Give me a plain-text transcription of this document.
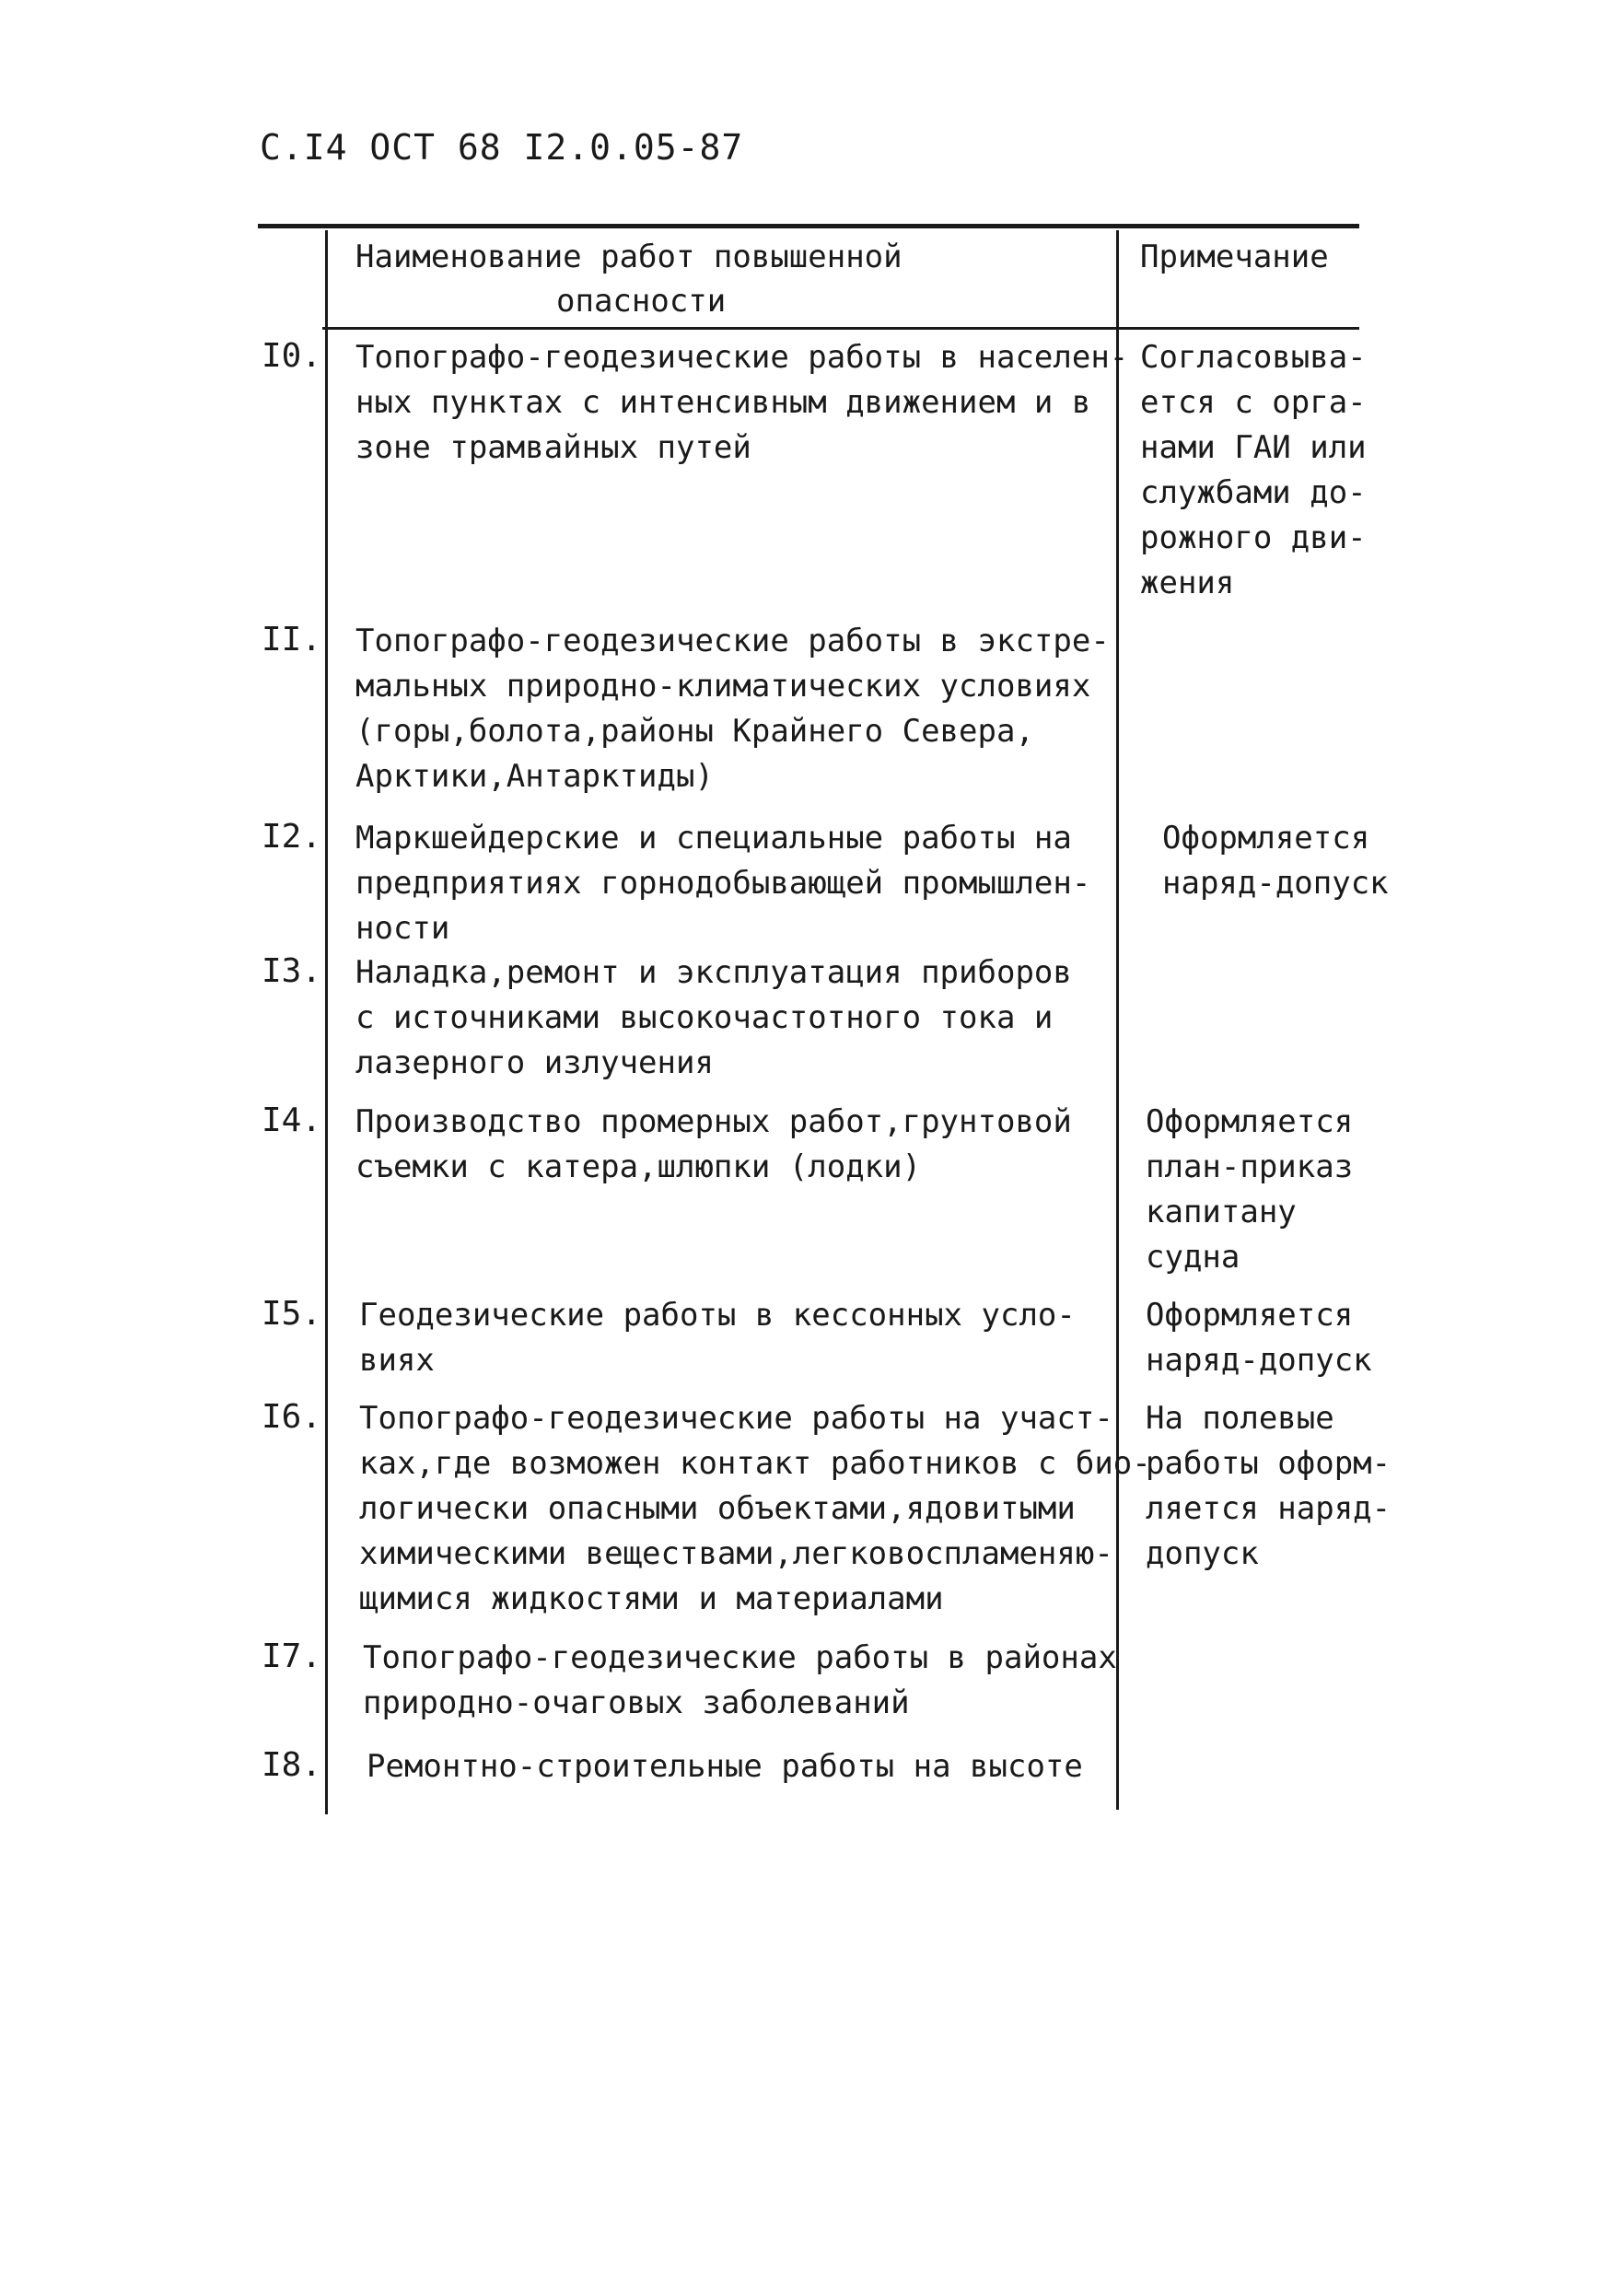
С.I4 ОСТ 68 I2.0.05-87
Наименование работ повышенной
опасности
Примечание
I0. Топографо-геодезические работы в населен-
ных пунктах с интенсивным движением и в
зоне трамвайных путей
Согласовыва-
ется с орга-
нами ГАИ или
службами до-
рожного дви-
жения
II. Топографо-геодезические работы в экстре-
мальных природно-климатических условиях
(горы,болота,районы Крайнего Севера,
Арктики,Антарктиды)
I2. Маркшейдерские и специальные работы на
предприятиях горнодобывающей промышлен-
ности
Оформляется
наряд-допуск
I3. Наладка,ремонт и эксплуатация приборов
с источниками высокочастотного тока и
лазерного излучения
I4. Производство промерных работ,грунтовой
съемки с катера,шлюпки (лодки)
Оформляется
план-приказ
капитану
судна
I5. Геодезические работы в кессонных усло-
виях
Оформляется
наряд-допуск
I6. Топографо-геодезические работы на участ-
ках,где возможен контакт работников с био-
логически опасными объектами,ядовитыми
химическими веществами,легковоспламеняю-
щимися жидкостями и материалами
На полевые
работы оформ-
ляется наряд-
допуск
I7. Топографо-геодезические работы в районах
природно-очаговых заболеваний
I8. Ремонтно-строительные работы на высоте
